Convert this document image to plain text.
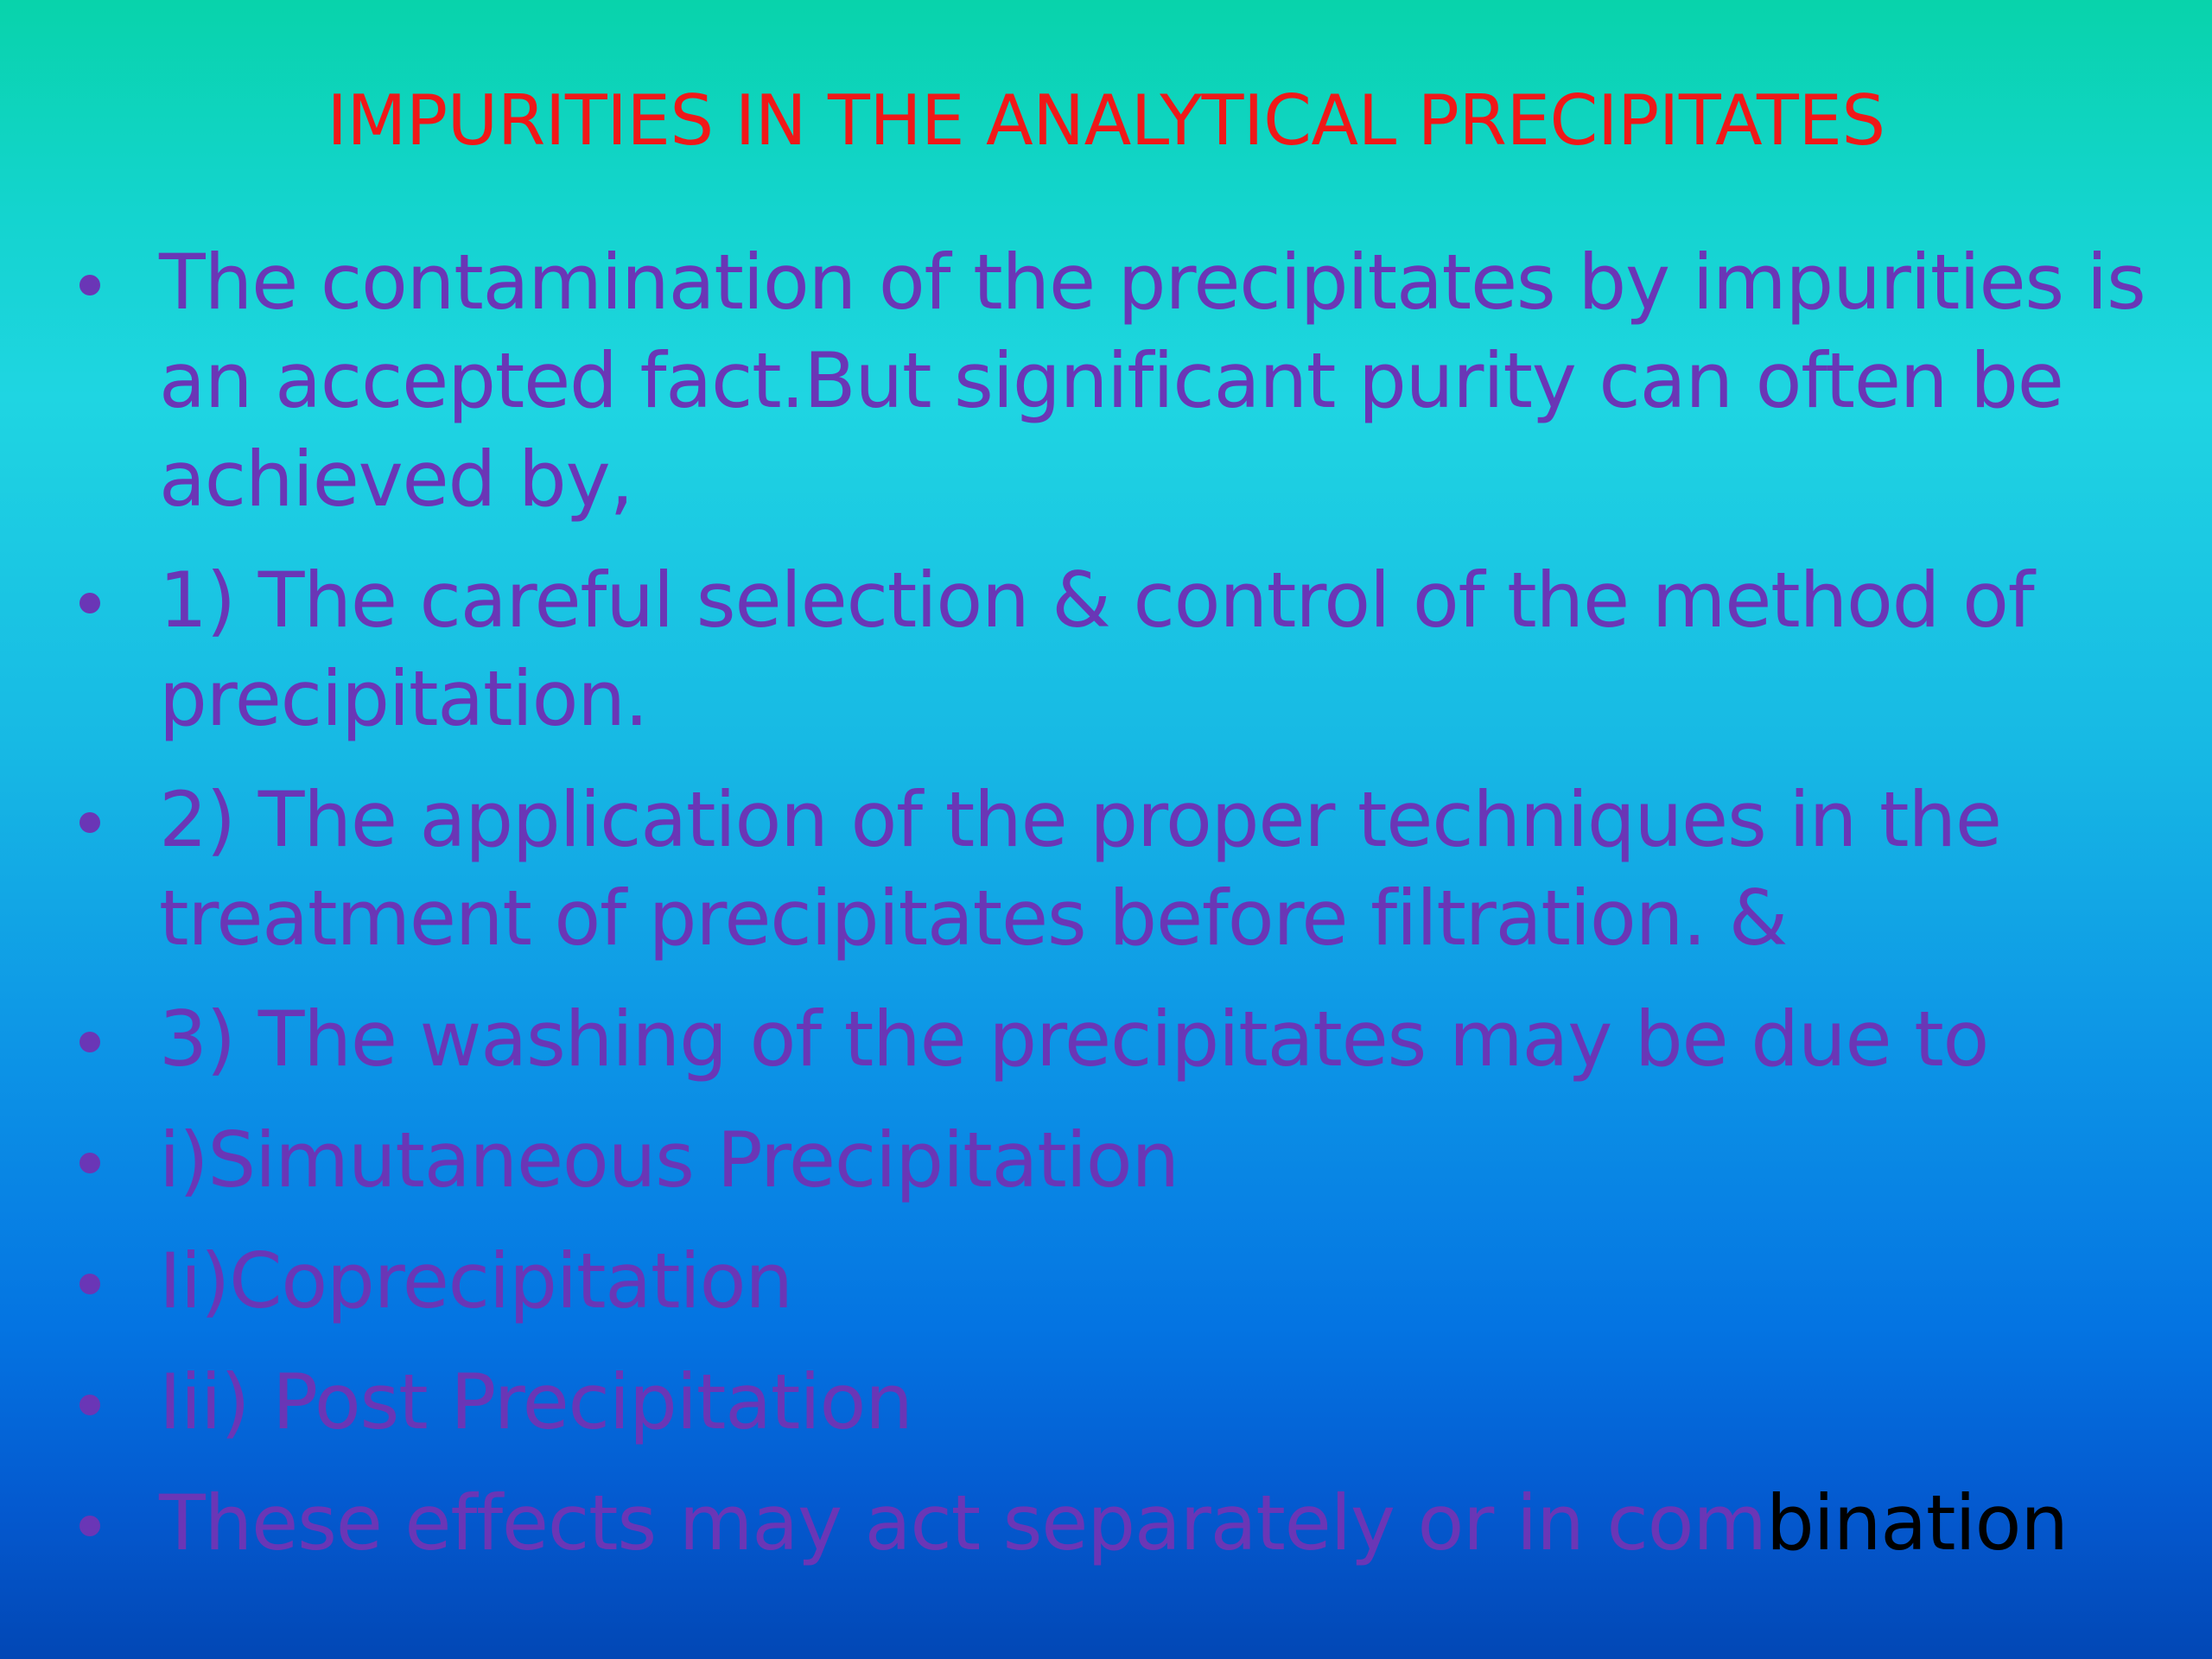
IMPURITIES IN THE ANALYTICAL PRECIPITATES
The contamination of the precipitates by impurities is an accepted fact.But significant purity can often be achieved by,
1) The careful selection & control of the method of precipitation.
2) The application of the proper techniques in the treatment of precipitates before filtration. &
3) The washing of the precipitates may be due to
i)Simutaneous Precipitation
Ii)Coprecipitation
Iii) Post Precipitation
These effects may act separately or in combination
